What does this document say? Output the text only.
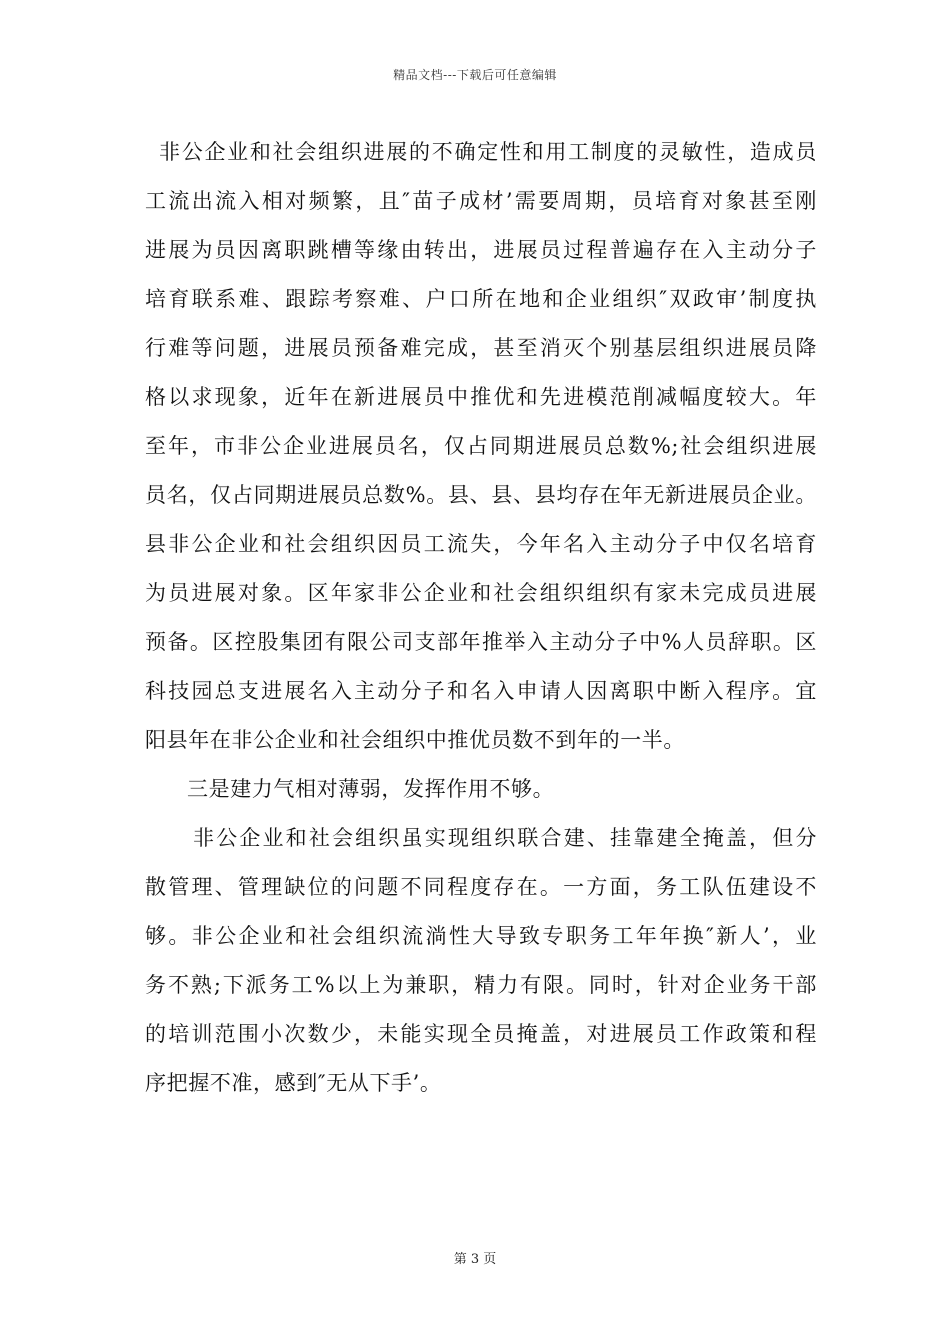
精品文档---下载后可任意编辑
非公企业和社会组织进展的不确定性和用工制度的灵敏性，造成员
工流出流入相对频繁，且″苗子成材’需要周期，员培育对象甚至刚
进展为员因离职跳槽等缘由转出，进展员过程普遍存在入主动分子
培育联系难、跟踪考察难、户口所在地和企业组织″双政审’制度执
行难等问题，进展员预备难完成，甚至消灭个别基层组织进展员降
格以求现象，近年在新进展员中推优和先进模范削减幅度较大。年
至年，市非公企业进展员名，仅占同期进展员总数%;社会组织进展
员名，仅占同期进展员总数%。县、县、县均存在年无新进展员企业。
县非公企业和社会组织因员工流失，今年名入主动分子中仅名培育
为员进展对象。区年家非公企业和社会组织组织有家未完成员进展
预备。区控股集团有限公司支部年推举入主动分子中%人员辞职。区
科技园总支进展名入主动分子和名入申请人因离职中断入程序。宜
阳县年在非公企业和社会组织中推优员数不到年的一半。
三是建力气相对薄弱，发挥作用不够。
非公企业和社会组织虽实现组织联合建、挂靠建全掩盖，但分
散管理、管理缺位的问题不同程度存在。一方面，务工队伍建设不
够。非公企业和社会组织流淌性大导致专职务工年年换″新人’，业
务不熟;下派务工%以上为兼职，精力有限。同时，针对企业务干部
的培训范围小次数少，未能实现全员掩盖，对进展员工作政策和程
序把握不准，感到″无从下手’。
第 3 页
